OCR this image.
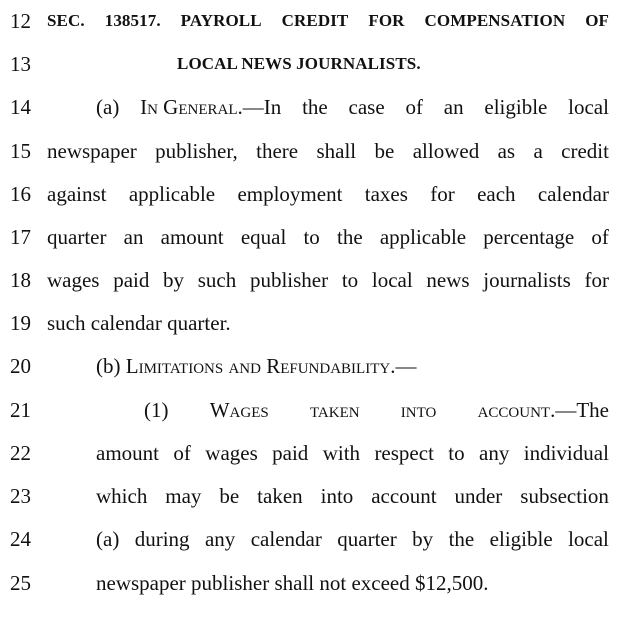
12 SEC. 138517. PAYROLL CREDIT FOR COMPENSATION OF
13	LOCAL NEWS JOURNALISTS.
14	(a) In General.—In the case of an eligible local
15 newspaper publisher, there shall be allowed as a credit
16 against applicable employment taxes for each calendar
17 quarter an amount equal to the applicable percentage of
18 wages paid by such publisher to local news journalists for
19 such calendar quarter.
20	(b) Limitations and Refundability.—
21	(1) Wages taken into account.—The
22	amount of wages paid with respect to any individual
23	which may be taken into account under subsection
24	(a) during any calendar quarter by the eligible local
25	newspaper publisher shall not exceed $12,500.
